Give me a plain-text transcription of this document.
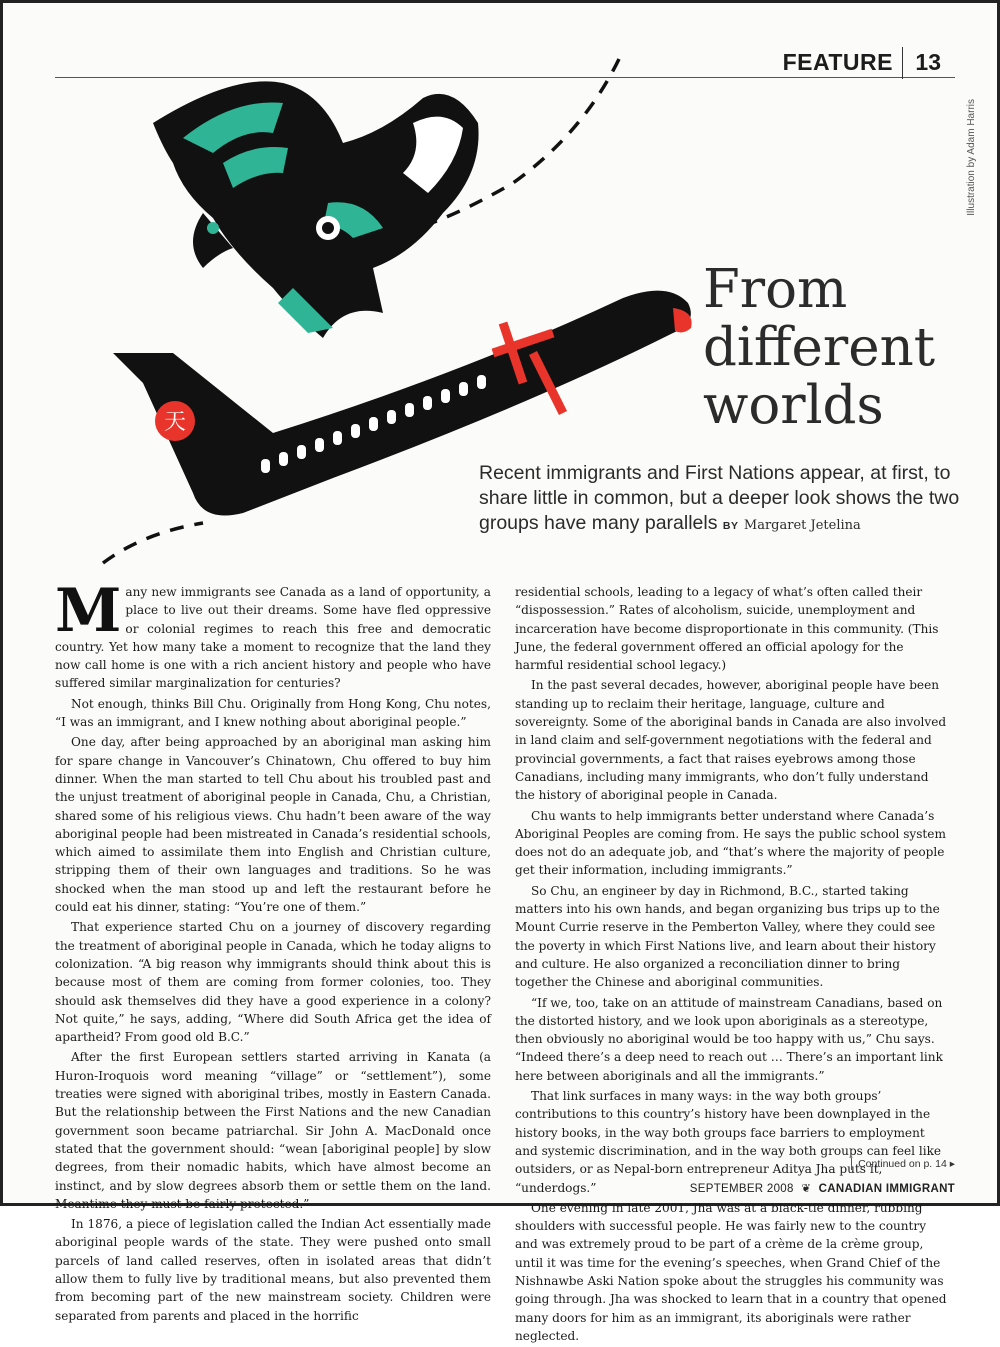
FEATURE 13
Illustration by Adam Harris
天
From
different
worlds
Recent immigrants and First Nations appear, at first, to share little in common, but a deeper look shows the two groups have many parallels BY Margaret Jetelina

Many new immigrants see Canada as a land of opportunity, a place to live out their dreams. Some have fled oppressive or colonial regimes to reach this free and democratic country. Yet how many take a moment to recognize that the land they now call home is one with a rich ancient history and people who have suffered similar marginalization for centuries?

Not enough, thinks Bill Chu. Originally from Hong Kong, Chu notes, “I was an immigrant, and I knew nothing about aboriginal people.”

One day, after being approached by an aboriginal man asking him for spare change in Vancouver’s Chinatown, Chu offered to buy him dinner. When the man started to tell Chu about his troubled past and the unjust treatment of aboriginal people in Canada, Chu, a Christian, shared some of his religious views. Chu hadn’t been aware of the way aboriginal people had been mistreated in Canada’s residential schools, which aimed to assimilate them into English and Christian culture, stripping them of their own languages and traditions. So he was shocked when the man stood up and left the restaurant before he could eat his dinner, stating: “You’re one of them.”

That experience started Chu on a journey of discovery regarding the treatment of aboriginal people in Canada, which he today aligns to colonization. “A big reason why immigrants should think about this is because most of them are coming from former colonies, too. They should ask themselves did they have a good experience in a colony? Not quite,” he says, adding, “Where did South Africa get the idea of apartheid? From good old B.C.”

After the first European settlers started arriving in Kanata (a Huron-Iroquois word meaning “village” or “settlement”), some treaties were signed with aboriginal tribes, mostly in Eastern Canada. But the relationship between the First Nations and the new Canadian government soon became patriarchal. Sir John A. MacDonald once stated that the government should: “wean [aboriginal people] by slow degrees, from their nomadic habits, which have almost become an instinct, and by slow degrees absorb them or settle them on the land. Meantime they must be fairly protected.”

In 1876, a piece of legislation called the Indian Act essentially made aboriginal people wards of the state. They were pushed onto small parcels of land called reserves, often in isolated areas that didn’t allow them to fully live by traditional means, but also prevented them from becoming part of the new mainstream society. Children were separated from parents and placed in the horrific

residential schools, leading to a legacy of what’s often called their “dispossession.” Rates of alcoholism, suicide, unemployment and incarceration have become disproportionate in this community. (This June, the federal government offered an official apology for the harmful residential school legacy.)

In the past several decades, however, aboriginal people have been standing up to reclaim their heritage, language, culture and sovereignty. Some of the aboriginal bands in Canada are also involved in land claim and self-government negotiations with the federal and provincial governments, a fact that raises eyebrows among those Canadians, including many immigrants, who don’t fully understand the history of aboriginal people in Canada.

Chu wants to help immigrants better understand where Canada’s Aboriginal Peoples are coming from. He says the public school system does not do an adequate job, and “that’s where the majority of people get their information, including immigrants.”

So Chu, an engineer by day in Richmond, B.C., started taking matters into his own hands, and began organizing bus trips up to the Mount Currie reserve in the Pemberton Valley, where they could see the poverty in which First Nations live, and learn about their history and culture. He also organized a reconciliation dinner to bring together the Chinese and aboriginal communities.

“If we, too, take on an attitude of mainstream Canadians, based on the distorted history, and we look upon aboriginals as a stereotype, then obviously no aboriginal would be too happy with us,” Chu says. “Indeed there’s a deep need to reach out … There’s an important link here between aboriginals and all the immigrants.”

That link surfaces in many ways: in the way both groups’ contributions to this country’s history have been downplayed in the history books, in the way both groups face barriers to employment and systemic discrimination, and in the way both groups can feel like outsiders, or as Nepal-born entrepreneur Aditya Jha puts it, “underdogs.”

One evening in late 2001, Jha was at a black-tie dinner, rubbing shoulders with successful people. He was fairly new to the country and was extremely proud to be part of a crème de la crème group, until it was time for the evening’s speeches, when Grand Chief of the Nishnawbe Aski Nation spoke about the struggles his community was going through. Jha was shocked to learn that in a country that opened many doors for him as an immigrant, its aboriginals were rather neglected.

Continued on p. 14 ▸
SEPTEMBER 2008 ❦ CANADIAN IMMIGRANT
